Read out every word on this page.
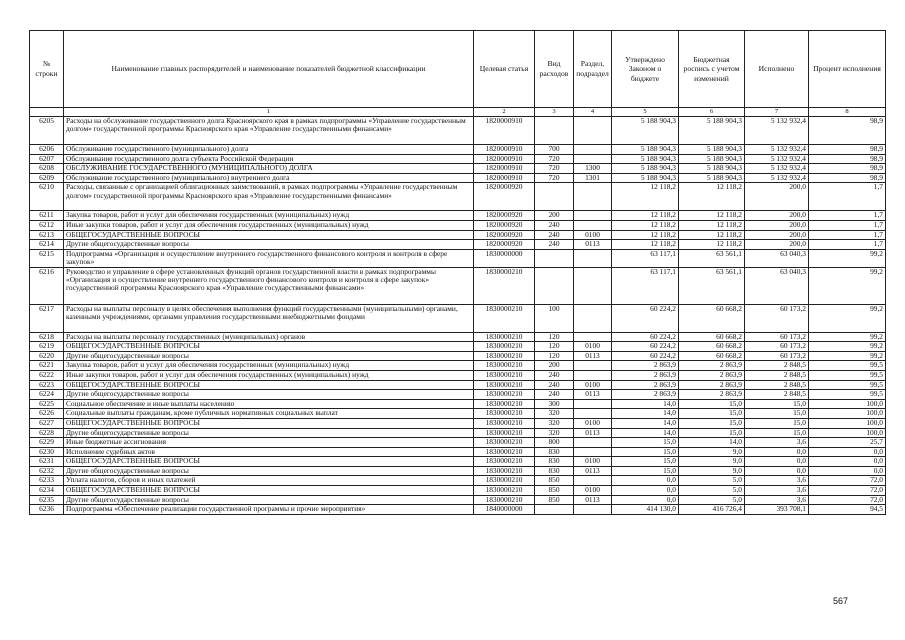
№ строки	Наименование главных распорядителей и наименование показателей бюджетной классификации	Целевая статья	Вид расходов	Раздел, подраздел	Утверждено Законом о бюджете	Бюджетная роспись с учетом изменений	Исполнено	Процент исполнения
	1	2	3	4	5	6	7	8
6205	Расходы на обслуживание государственного долга Красноярского края в рамках подпрограммы «Управление государственным долгом» государственной программы Красноярского края «Управление государственными финансами»	1820000910			5 188 904,3	5 188 904,3	5 132 932,4	98,9
6206	Обслуживание государственного (муниципального) долга	1820000910	700		5 188 904,3	5 188 904,3	5 132 932,4	98,9
6207	Обслуживание государственного долга субъекта Российской Федерации	1820000910	720		5 188 904,3	5 188 904,3	5 132 932,4	98,9
6208	ОБСЛУЖИВАНИЕ ГОСУДАРСТВЕННОГО (МУНИЦИПАЛЬНОГО) ДОЛГА	1820000910	720	1300	5 188 904,3	5 188 904,3	5 132 932,4	98,9
6209	Обслуживание государственного (муниципального) внутреннего долга	1820000910	720	1301	5 188 904,3	5 188 904,3	5 132 932,4	98,9
6210	Расходы, связанные с организацией облигационных заимствований, в рамках подпрограммы «Управление государственным долгом» государственной программы Красноярского края «Управление государственными финансами»	1820000920			12 118,2	12 118,2	200,0	1,7
6211	Закупка товаров, работ и услуг для обеспечения государственных (муниципальных) нужд	1820000920	200		12 118,2	12 118,2	200,0	1,7
6212	Иные закупки товаров, работ и услуг для обеспечения государственных (муниципальных) нужд	1820000920	240		12 118,2	12 118,2	200,0	1,7
6213	ОБЩЕГОСУДАРСТВЕННЫЕ ВОПРОСЫ	1820000920	240	0100	12 118,2	12 118,2	200,0	1,7
6214	Другие общегосударственные вопросы	1820000920	240	0113	12 118,2	12 118,2	200,0	1,7
6215	Подпрограмма «Организация и осуществление внутреннего государственного финансового контроля и контроля в сфере закупок»	1830000000			63 117,1	63 561,1	63 040,3	99,2
6216	Руководство и управление в сфере установленных функций органов государственной власти в рамках подпрограммы «Организация и осуществление внутреннего государственного финансового контроля и контроля в сфере закупок» государственной программы Красноярского края «Управление государственными финансами»	1830000210			63 117,1	63 561,1	63 040,3	99,2
6217	Расходы на выплаты персоналу в целях обеспечения выполнения функций государственными (муниципальными) органами, казенными учреждениями, органами управления государственными внебюджетными фондами	1830000210	100		60 224,2	60 668,2	60 173,2	99,2
6218	Расходы на выплаты персоналу государственных (муниципальных) органов	1830000210	120		60 224,2	60 668,2	60 173,2	99,2
6219	ОБЩЕГОСУДАРСТВЕННЫЕ ВОПРОСЫ	1830000210	120	0100	60 224,2	60 668,2	60 173,2	99,2
6220	Другие общегосударственные вопросы	1830000210	120	0113	60 224,2	60 668,2	60 173,2	99,2
6221	Закупка товаров, работ и услуг для обеспечения государственных (муниципальных) нужд	1830000210	200		2 863,9	2 863,9	2 848,5	99,5
6222	Иные закупки товаров, работ и услуг для обеспечения государственных (муниципальных) нужд	1830000210	240		2 863,9	2 863,9	2 848,5	99,5
6223	ОБЩЕГОСУДАРСТВЕННЫЕ ВОПРОСЫ	1830000210	240	0100	2 863,9	2 863,9	2 848,5	99,5
6224	Другие общегосударственные вопросы	1830000210	240	0113	2 863,9	2 863,9	2 848,5	99,5
6225	Социальное обеспечение и иные выплаты населению	1830000210	300		14,0	15,0	15,0	100,0
6226	Социальные выплаты гражданам, кроме публичных нормативных социальных выплат	1830000210	320		14,0	15,0	15,0	100,0
6227	ОБЩЕГОСУДАРСТВЕННЫЕ ВОПРОСЫ	1830000210	320	0100	14,0	15,0	15,0	100,0
6228	Другие общегосударственные вопросы	1830000210	320	0113	14,0	15,0	15,0	100,0
6229	Иные бюджетные ассигнования	1830000210	800		15,0	14,0	3,6	25,7
6230	Исполнение судебных актов	1830000210	830		15,0	9,0	0,0	0,0
6231	ОБЩЕГОСУДАРСТВЕННЫЕ ВОПРОСЫ	1830000210	830	0100	15,0	9,0	0,0	0,0
6232	Другие общегосударственные вопросы	1830000210	830	0113	15,0	9,0	0,0	0,0
6233	Уплата налогов, сборов и иных платежей	1830000210	850		0,0	5,0	3,6	72,0
6234	ОБЩЕГОСУДАРСТВЕННЫЕ ВОПРОСЫ	1830000210	850	0100	0,0	5,0	3,6	72,0
6235	Другие общегосударственные вопросы	1830000210	850	0113	0,0	5,0	3,6	72,0
6236	Подпрограмма «Обеспечение реализации государственной программы и прочие мероприятия»	1840000000			414 130,0	416 726,4	393 708,1	94,5
567
